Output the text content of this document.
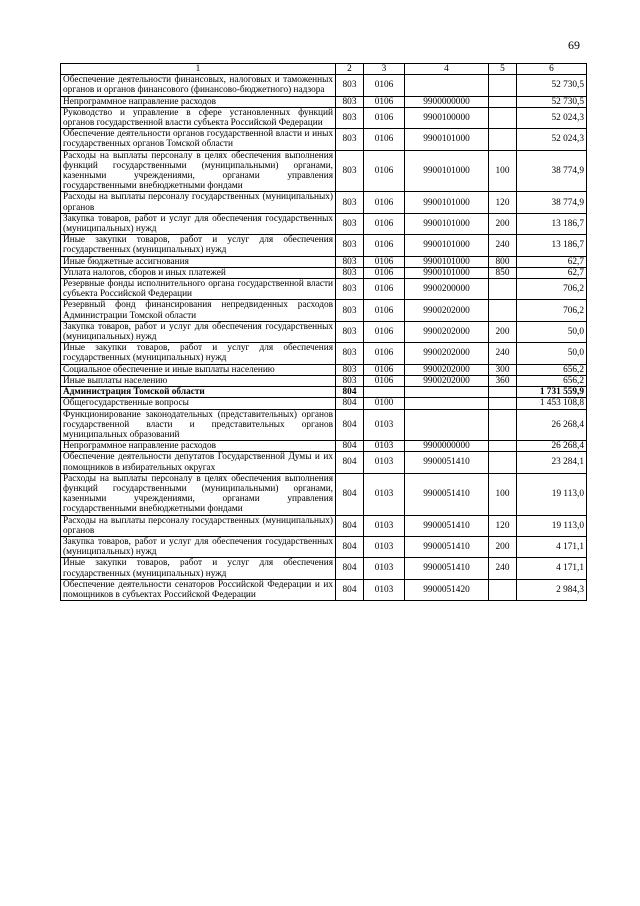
69
1	2	3	4	5	6
Обеспечение деятельности финансовых, налоговых и таможенных органов и органов финансового (финансово-бюджетного) надзора	803	0106			52 730,5
Непрограммное направление расходов	803	0106	9900000000		52 730,5
Руководство и управление в сфере установленных функций органов государственной власти субъекта Российской Федерации	803	0106	9900100000		52 024,3
Обеспечение деятельности органов государственной власти и иных государственных органов Томской области	803	0106	9900101000		52 024,3
Расходы на выплаты персоналу в целях обеспечения выполнения функций государственными (муниципальными) органами, казенными учреждениями, органами управления государственными внебюджетными фондами	803	0106	9900101000	100	38 774,9
Расходы на выплаты персоналу государственных (муниципальных) органов	803	0106	9900101000	120	38 774,9
Закупка товаров, работ и услуг для обеспечения государственных (муниципальных) нужд	803	0106	9900101000	200	13 186,7
Иные закупки товаров, работ и услуг для обеспечения государственных (муниципальных) нужд	803	0106	9900101000	240	13 186,7
Иные бюджетные ассигнования	803	0106	9900101000	800	62,7
Уплата налогов, сборов и иных платежей	803	0106	9900101000	850	62,7
Резервные фонды исполнительного органа государственной власти субъекта Российской Федерации	803	0106	9900200000		706,2
Резервный фонд финансирования непредвиденных расходов Администрации Томской области	803	0106	9900202000		706,2
Закупка товаров, работ и услуг для обеспечения государственных (муниципальных) нужд	803	0106	9900202000	200	50,0
Иные закупки товаров, работ и услуг для обеспечения государственных (муниципальных) нужд	803	0106	9900202000	240	50,0
Социальное обеспечение и иные выплаты населению	803	0106	9900202000	300	656,2
Иные выплаты населению	803	0106	9900202000	360	656,2
Администрация Томской области	804				1 731 559,9
Общегосударственные вопросы	804	0100			1 453 108,8
Функционирование законодательных (представительных) органов государственной власти и представительных органов муниципальных образований	804	0103			26 268,4
Непрограммное направление расходов	804	0103	9900000000		26 268,4
Обеспечение деятельности депутатов Государственной Думы и их помощников в избирательных округах	804	0103	9900051410		23 284,1
Расходы на выплаты персоналу в целях обеспечения выполнения функций государственными (муниципальными) органами, казенными учреждениями, органами управления государственными внебюджетными фондами	804	0103	9900051410	100	19 113,0
Расходы на выплаты персоналу государственных (муниципальных) органов	804	0103	9900051410	120	19 113,0
Закупка товаров, работ и услуг для обеспечения государственных (муниципальных) нужд	804	0103	9900051410	200	4 171,1
Иные закупки товаров, работ и услуг для обеспечения государственных (муниципальных) нужд	804	0103	9900051410	240	4 171,1
Обеспечение деятельности сенаторов Российской Федерации и их помощников в субъектах Российской Федерации	804	0103	9900051420		2 984,3
